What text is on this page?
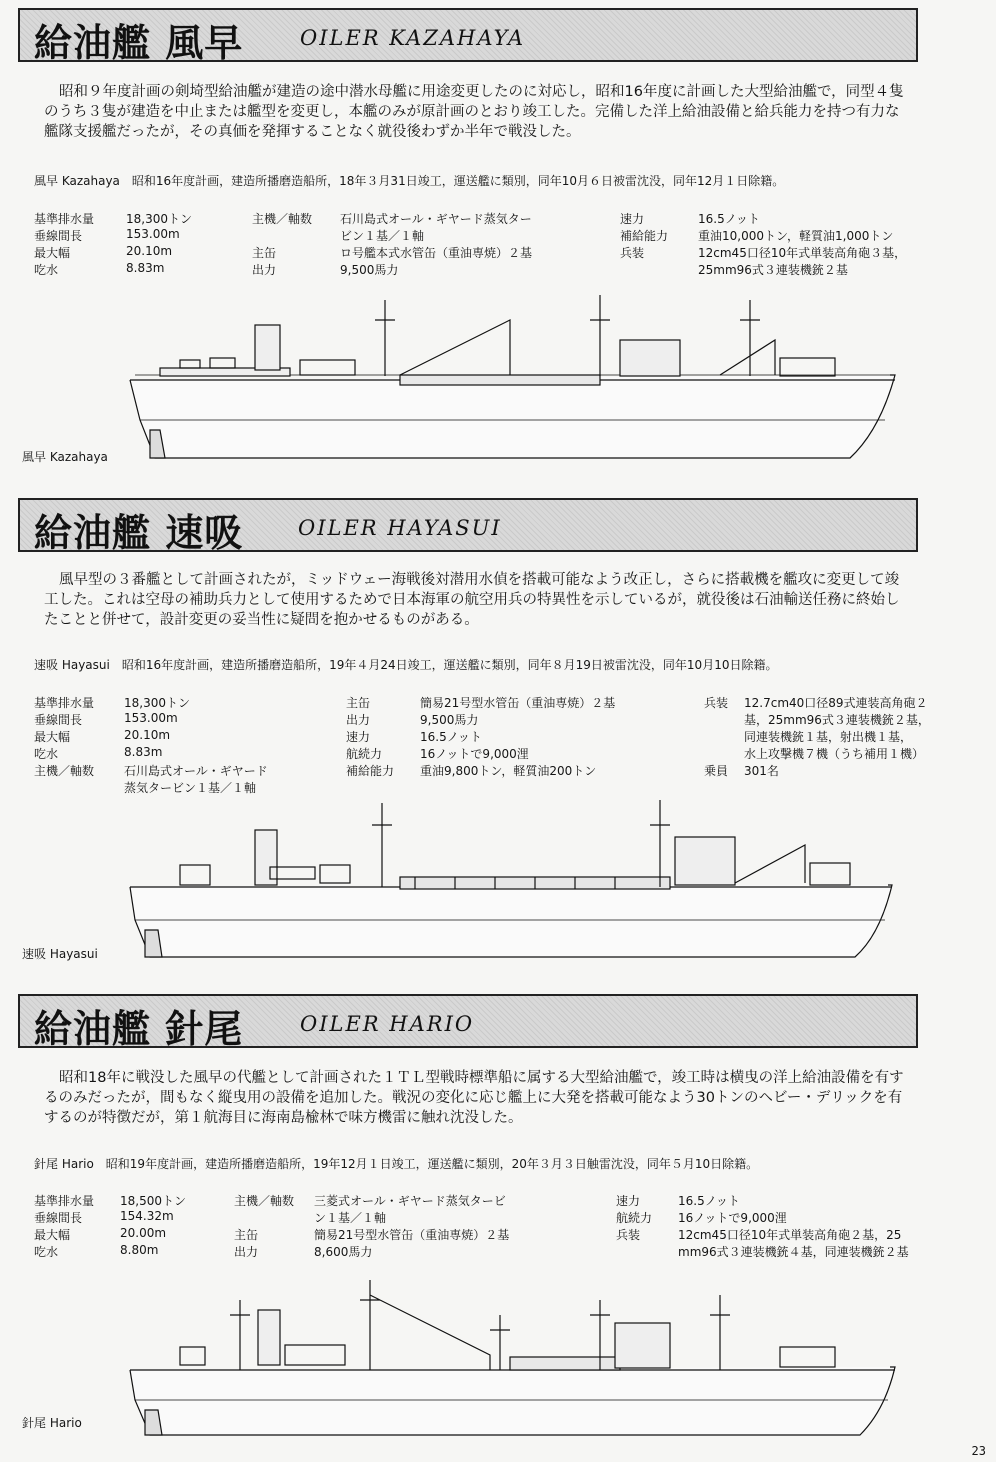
給油艦 風早	OILER KAZAHAYA

昭和９年度計画の剣埼型給油艦が建造の途中潜水母艦に用途変更したのに対応し，昭和16年度に計画した大型給油艦で，同型４隻のうち３隻が建造を中止または艦型を変更し，本艦のみが原計画のとおり竣工した。完備した洋上給油設備と給兵能力を持つ有力な艦隊支援艦だったが，その真価を発揮することなく就役後わずか半年で戦没した。

風早 Kazahaya　昭和16年度計画，建造所播磨造船所，18年３月31日竣工，運送艦に類別，同年10月６日被雷沈没，同年12月１日除籍。
基準排水量	18,300トン
垂線間長	153.00m
最大幅	20.10m
吃水	8.83m
主機／軸数 石川島式オール・ギヤード蒸気ター
ビン１基／１軸
主缶	ロ号艦本式水管缶（重油専焼）２基
出力	9,500馬力
速力	16.5ノット
補給能力 重油10,000トン，軽質油1,000トン
兵装	12cm45口径10年式単装高角砲３基，
25mm96式３連装機銃２基
風早 Kazahaya
給油艦 速吸	OILER HAYASUI

風早型の３番艦として計画されたが，ミッドウェー海戦後対潜用水偵を搭載可能なよう改正し，さらに搭載機を艦攻に変更して竣工した。これは空母の補助兵力として使用するためで日本海軍の航空用兵の特異性を示しているが，就役後は石油輸送任務に終始したことと併せて，設計変更の妥当性に疑問を抱かせるものがある。

速吸 Hayasui　昭和16年度計画，建造所播磨造船所，19年４月24日竣工，運送艦に類別，同年８月19日被雷沈没，同年10月10日除籍。
基準排水量 18,300トン
垂線間長	153.00m
最大幅	20.10m
吃水	8.83m
主機／軸数 石川島式オール・ギヤード
蒸気タービン１基／１軸
主缶	簡易21号型水管缶（重油専焼）２基
出力	9,500馬力
速力	16.5ノット
航続力	16ノットで9,000浬
補給能力 重油9,800トン，軽質油200トン
兵装 12.7cm40口径89式連装高角砲２
基，25mm96式３連装機銃２基，
同連装機銃１基，射出機１基，
水上攻撃機７機（うち補用１機）
乗員 301名
速吸 Hayasui
給油艦 針尾	OILER HARIO

昭和18年に戦没した風早の代艦として計画された１ＴＬ型戦時標準船に属する大型給油艦で，竣工時は横曳の洋上給油設備を有するのみだったが，間もなく縦曳用の設備を追加した。戦況の変化に応じ艦上に大発を搭載可能なよう30トンのヘビー・デリックを有するのが特徴だが，第１航海目に海南島楡林で味方機雷に触れ沈没した。

針尾 Hario　昭和19年度計画，建造所播磨造船所，19年12月１日竣工，運送艦に類別，20年３月３日触雷沈没，同年５月10日除籍。
基準排水量 18,500トン
垂線間長	154.32m
最大幅	20.00m
吃水	8.80m
主機／軸数 三菱式オール・ギヤード蒸気タービ
ン１基／１軸
主缶	簡易21号型水管缶（重油専焼）２基
出力	8,600馬力
速力	16.5ノット
航続力 16ノットで9,000浬
兵装	12cm45口径10年式単装高角砲２基，25
mm96式３連装機銃４基，同連装機銃２基
針尾 Hario
23
